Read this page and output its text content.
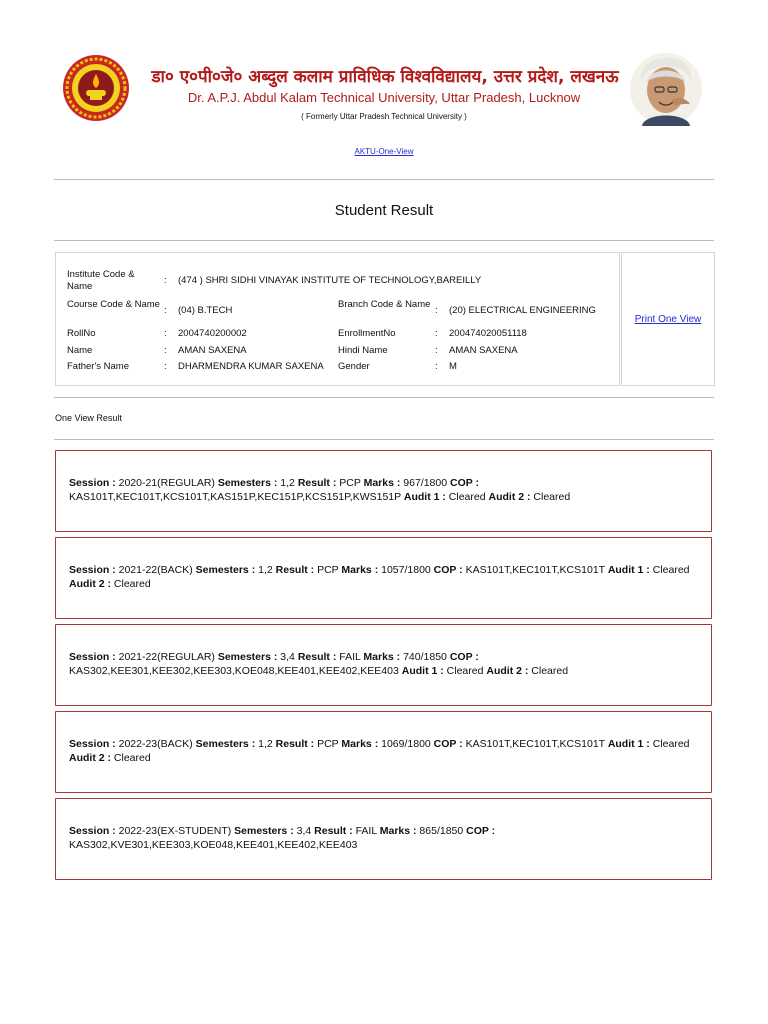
डा० ए०पी०जे० अब्दुल कलाम प्राविधिक विश्वविद्यालय, उत्तर प्रदेश, लखनऊ
Dr. A.P.J. Abdul Kalam Technical University, Uttar Pradesh, Lucknow
( Formerly Uttar Pradesh Technical University )
AKTU-One-View
Student Result
Institute Code & Name
: (474 ) SHRI SIDHI VINAYAK INSTITUTE OF TECHNOLOGY,BAREILLY
Course Code & Name
: (04) B.TECH
Branch Code & Name
: (20) ELECTRICAL ENGINEERING
RollNo	: 2004740200002	EnrollmentNo	: 200474020051118
Name	: AMAN SAXENA	Hindi Name	: AMAN SAXENA
Father's Name	: DHARMENDRA KUMAR SAXENA Gender	: M
Print One View
One View Result
Session : 2020-21(REGULAR) Semesters : 1,2 Result : PCP Marks : 967/1800 COP : KAS101T,KEC101T,KCS101T,KAS151P,KEC151P,KCS151P,KWS151P Audit 1 : Cleared Audit 2 : Cleared
Session : 2021-22(BACK) Semesters : 1,2 Result : PCP Marks : 1057/1800 COP : KAS101T,KEC101T,KCS101T Audit 1 : Cleared Audit 2 : Cleared
Session : 2021-22(REGULAR) Semesters : 3,4 Result : FAIL Marks : 740/1850 COP : KAS302,KEE301,KEE302,KEE303,KOE048,KEE401,KEE402,KEE403 Audit 1 : Cleared Audit 2 : Cleared
Session : 2022-23(BACK) Semesters : 1,2 Result : PCP Marks : 1069/1800 COP : KAS101T,KEC101T,KCS101T Audit 1 : Cleared Audit 2 : Cleared
Session : 2022-23(EX-STUDENT) Semesters : 3,4 Result : FAIL Marks : 865/1850 COP : KAS302,KVE301,KEE303,KOE048,KEE401,KEE402,KEE403
